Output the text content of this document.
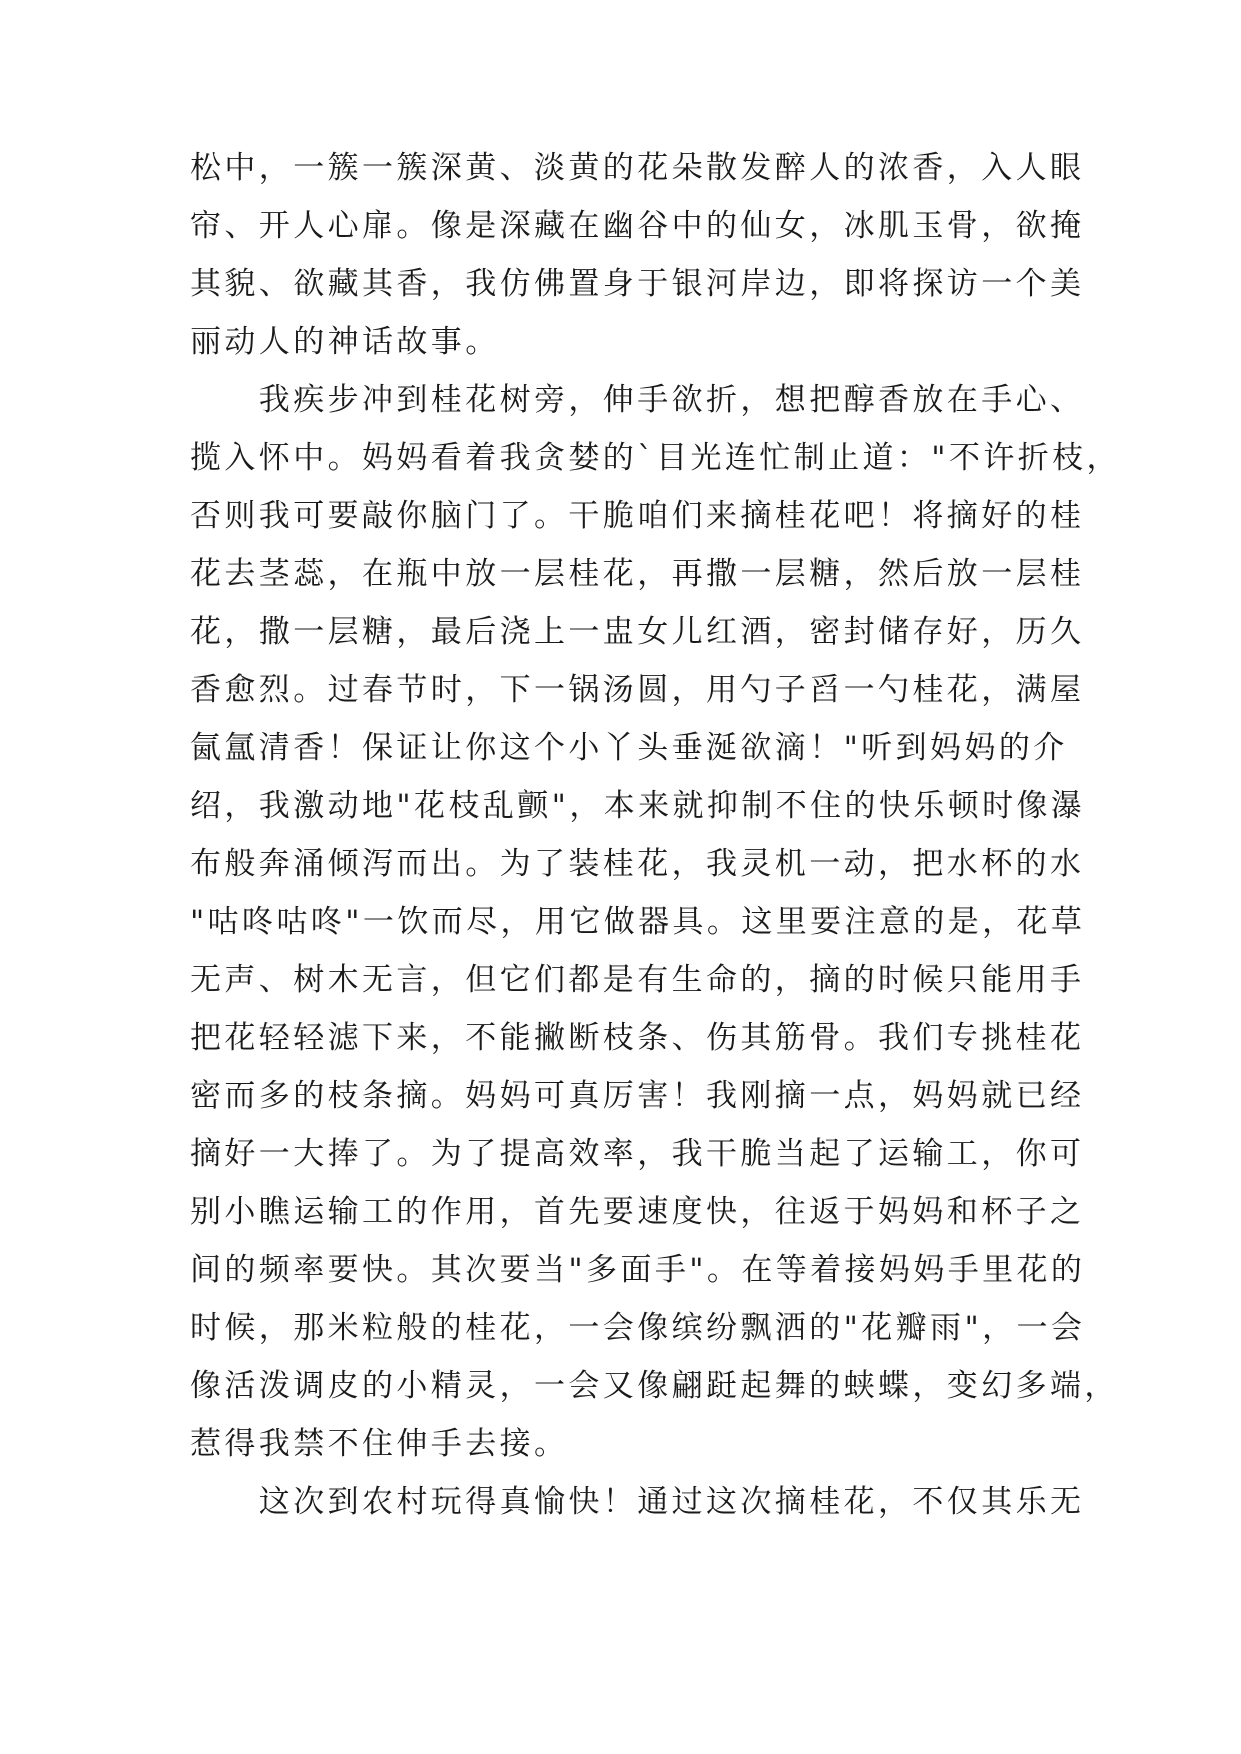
松中，一簇一簇深黄、淡黄的花朵散发醉人的浓香，入人眼
帘、开人心扉。像是深藏在幽谷中的仙女，冰肌玉骨，欲掩
其貌、欲藏其香，我仿佛置身于银河岸边，即将探访一个美
丽动人的神话故事。
　　我疾步冲到桂花树旁，伸手欲折，想把醇香放在手心、
揽入怀中。妈妈看着我贪婪的`目光连忙制止道："不许折枝，
否则我可要敲你脑门了。干脆咱们来摘桂花吧！将摘好的桂
花去茎蕊，在瓶中放一层桂花，再撒一层糖，然后放一层桂
花，撒一层糖，最后浇上一盅女儿红酒，密封储存好，历久
香愈烈。过春节时，下一锅汤圆，用勺子舀一勺桂花，满屋
氤氲清香！保证让你这个小丫头垂涎欲滴！"听到妈妈的介
绍，我激动地"花枝乱颤"，本来就抑制不住的快乐顿时像瀑
布般奔涌倾泻而出。为了装桂花，我灵机一动，把水杯的水
"咕咚咕咚"一饮而尽，用它做器具。这里要注意的是，花草
无声、树木无言，但它们都是有生命的，摘的时候只能用手
把花轻轻滤下来，不能撇断枝条、伤其筋骨。我们专挑桂花
密而多的枝条摘。妈妈可真厉害！我刚摘一点，妈妈就已经
摘好一大捧了。为了提高效率，我干脆当起了运输工，你可
别小瞧运输工的作用，首先要速度快，往返于妈妈和杯子之
间的频率要快。其次要当"多面手"。在等着接妈妈手里花的
时候，那米粒般的桂花，一会像缤纷飘洒的"花瓣雨"，一会
像活泼调皮的小精灵，一会又像翩跹起舞的蛱蝶，变幻多端，
惹得我禁不住伸手去接。
　　这次到农村玩得真愉快！通过这次摘桂花，不仅其乐无
